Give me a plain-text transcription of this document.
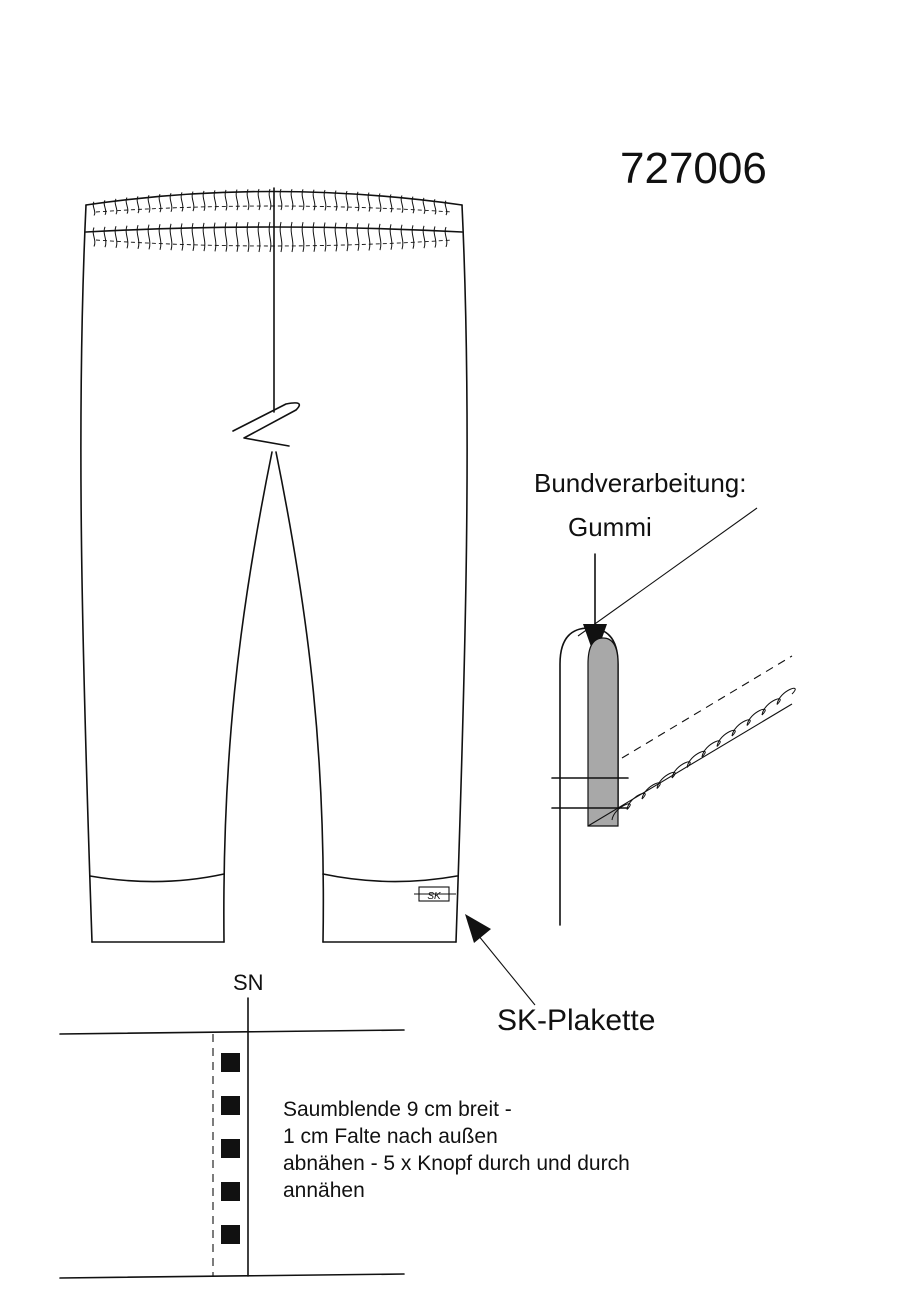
727006
SK
SK-Plakette
Bundverarbeitung:
Gummi
SN
Saumblende 9 cm breit - 1 cm Falte nach außen abnähen - 5 x Knopf durch und durch annähen
